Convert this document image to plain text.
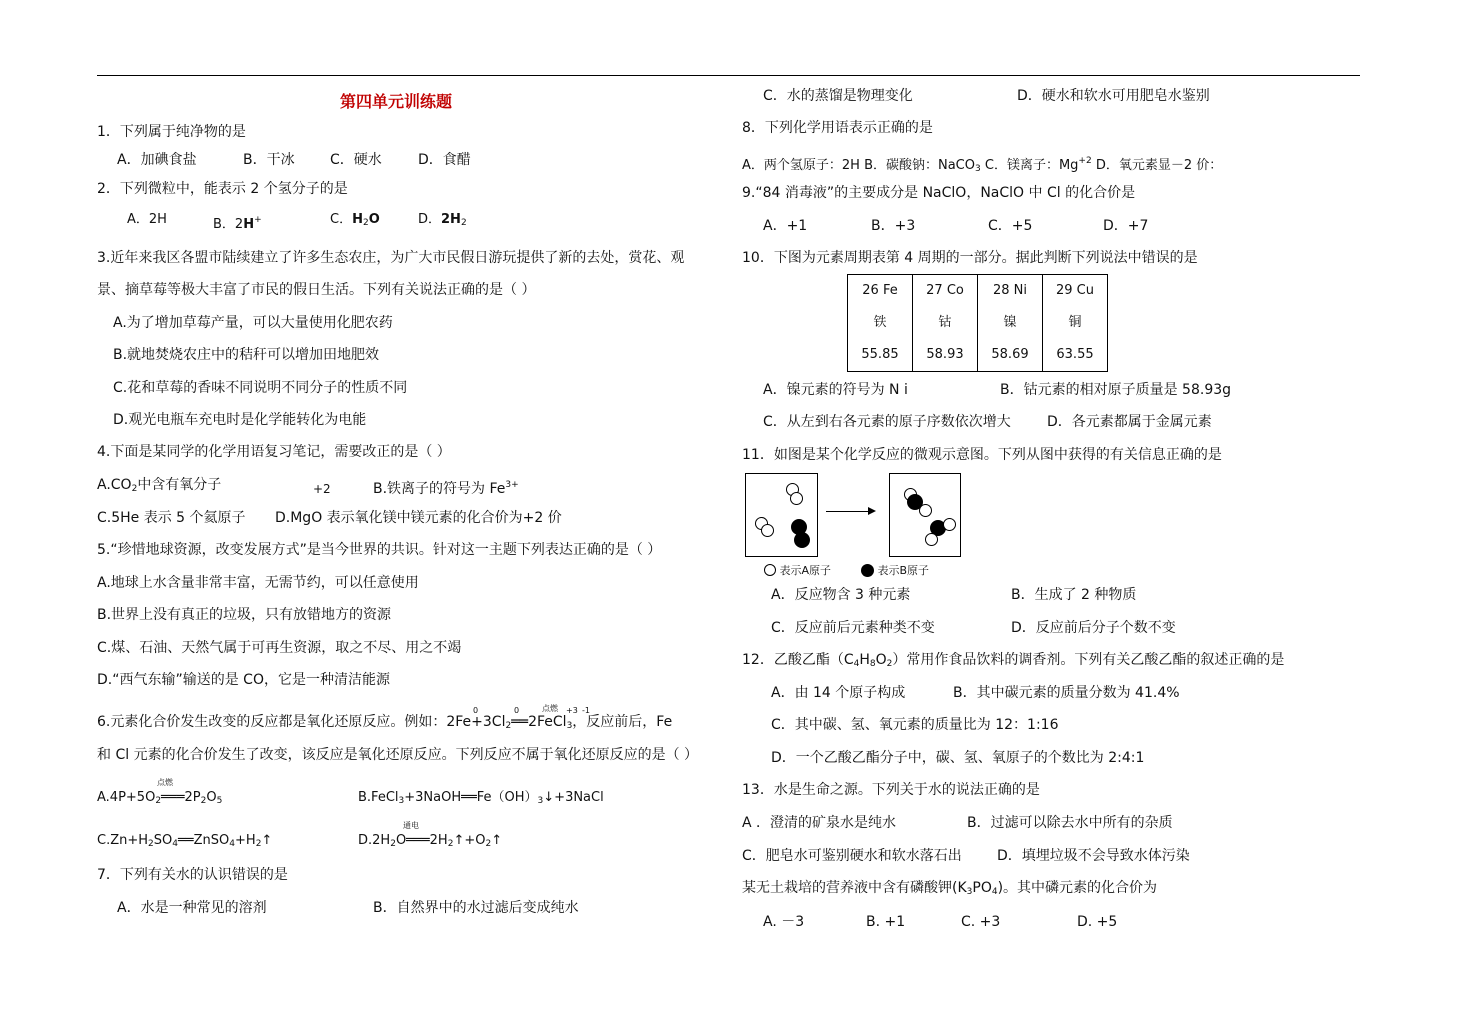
第四单元训练题
1．下列属于纯净物的是
A．加碘食盐	B．干冰	C．硬水	D．食醋
2．下列微粒中，能表示 2 个氢分子的是
A．2H	B．2H+	C．$H_2O$	D．$2H_2$
3.近年来我区各盟市陆续建立了许多生态农庄，为广大市民假日游玩提供了新的去处，赏花、观
景、摘草莓等极大丰富了市民的假日生活。下列有关说法正确的是（ ）
A.为了增加草莓产量，可以大量使用化肥农药
B.就地焚烧农庄中的秸秆可以增加田地肥效
C.花和草莓的香味不同说明不同分子的性质不同
D.观光电瓶车充电时是化学能转化为电能
4.下面是某同学的化学用语复习笔记，需要改正的是（ ）
$A.CO_2$中含有氧分子	+2	B.铁离子的符号为 $Fe^{3+}$
C.5He 表示 5 个氦原子 D.MgO 表示氧化镁中镁元素的化合价为+2 价
5.“珍惜地球资源，改变发展方式”是当今世界的共识。针对这一主题下列表达正确的是（ ）
A.地球上水含量非常丰富，无需节约，可以任意使用
B.世界上没有真正的垃圾，只有放错地方的资源
C.煤、石油、天然气属于可再生资源，取之不尽、用之不竭
D.“西气东输”输送的是 CO，它是一种清洁能源
0	0	点燃 +3 -1
6.元素化合价发生改变的反应都是氧化还原反应。例如：$2Fe+3Cl_2══2FeCl_3$，反应前后，Fe
和 Cl 元素的化合价发生了改变，该反应是氧化还原反应。下列反应不属于氧化还原反应的是（ ）
点燃
$A.4P+5O_2═══2P_2O_5$	$B.FeCl_3+3NaOH══Fe(OH)_3↓+3NaCl$
$C.Zn+H_2SO_4══ZnSO_4+H_2↑$
通电
$D.2H_2O═══2H_2↑+O_2↑$
7．下列有关水的认识错误的是
A．水是一种常见的溶剂	B．自然界中的水过滤后变成纯水
C．水的蒸馏是物理变化	D．硬水和软水可用肥皂水鉴别
8．下列化学用语表示正确的是
A．两个氢原子：2H B．碳酸钠：NaCO$_3$ C．镁离子：$Mg^{+2}$ D．氧元素显－2 价：
9.“84 消毒液”的主要成分是 NaClO，NaClO 中 Cl 的化合价是
A．+1	B．+3	C．+5	D．+7
10．下图为元素周期表第 4 周期的一部分。据此判断下列说法中错误的是
26 Fe
铁
55.85

27 Co
钴
58.93

28 Ni
镍
58.69

29 Cu
铜
63.55
A．镍元素的符号为 N i	B．钴元素的相对原子质量是 58.93g
C．从左到右各元素的原子序数依次增大	D．各元素都属于金属元素
11．如图是某个化学反应的微观示意图。下列从图中获得的有关信息正确的是
表示A原子	表示B原子
A．反应物含 3 种元素	B．生成了 2 种物质
C．反应前后元素种类不变	D．反应前后分子个数不变
12．乙酸乙酯$(C_4H_8O_2)$常用作食品饮料的调香剂。下列有关乙酸乙酯的叙述正确的是
A．由 14 个原子构成	B．其中碳元素的质量分数为 41.4%
C．其中碳、氢、氧元素的质量比为 12：1:16
D．一个乙酸乙酯分子中，碳、氢、氧原子的个数比为 2:4:1
13．水是生命之源。下列关于水的说法正确的是
A ．澄清的矿泉水是纯水	B．过滤可以除去水中所有的杂质
C．肥皂水可鉴别硬水和软水落石出	D．填埋垃圾不会导致水体污染
某无土栽培的营养液中含有磷酸钾$(K_3PO_4)$。其中磷元素的化合价为
A. －3	B. +1	C. +3	D. +5
